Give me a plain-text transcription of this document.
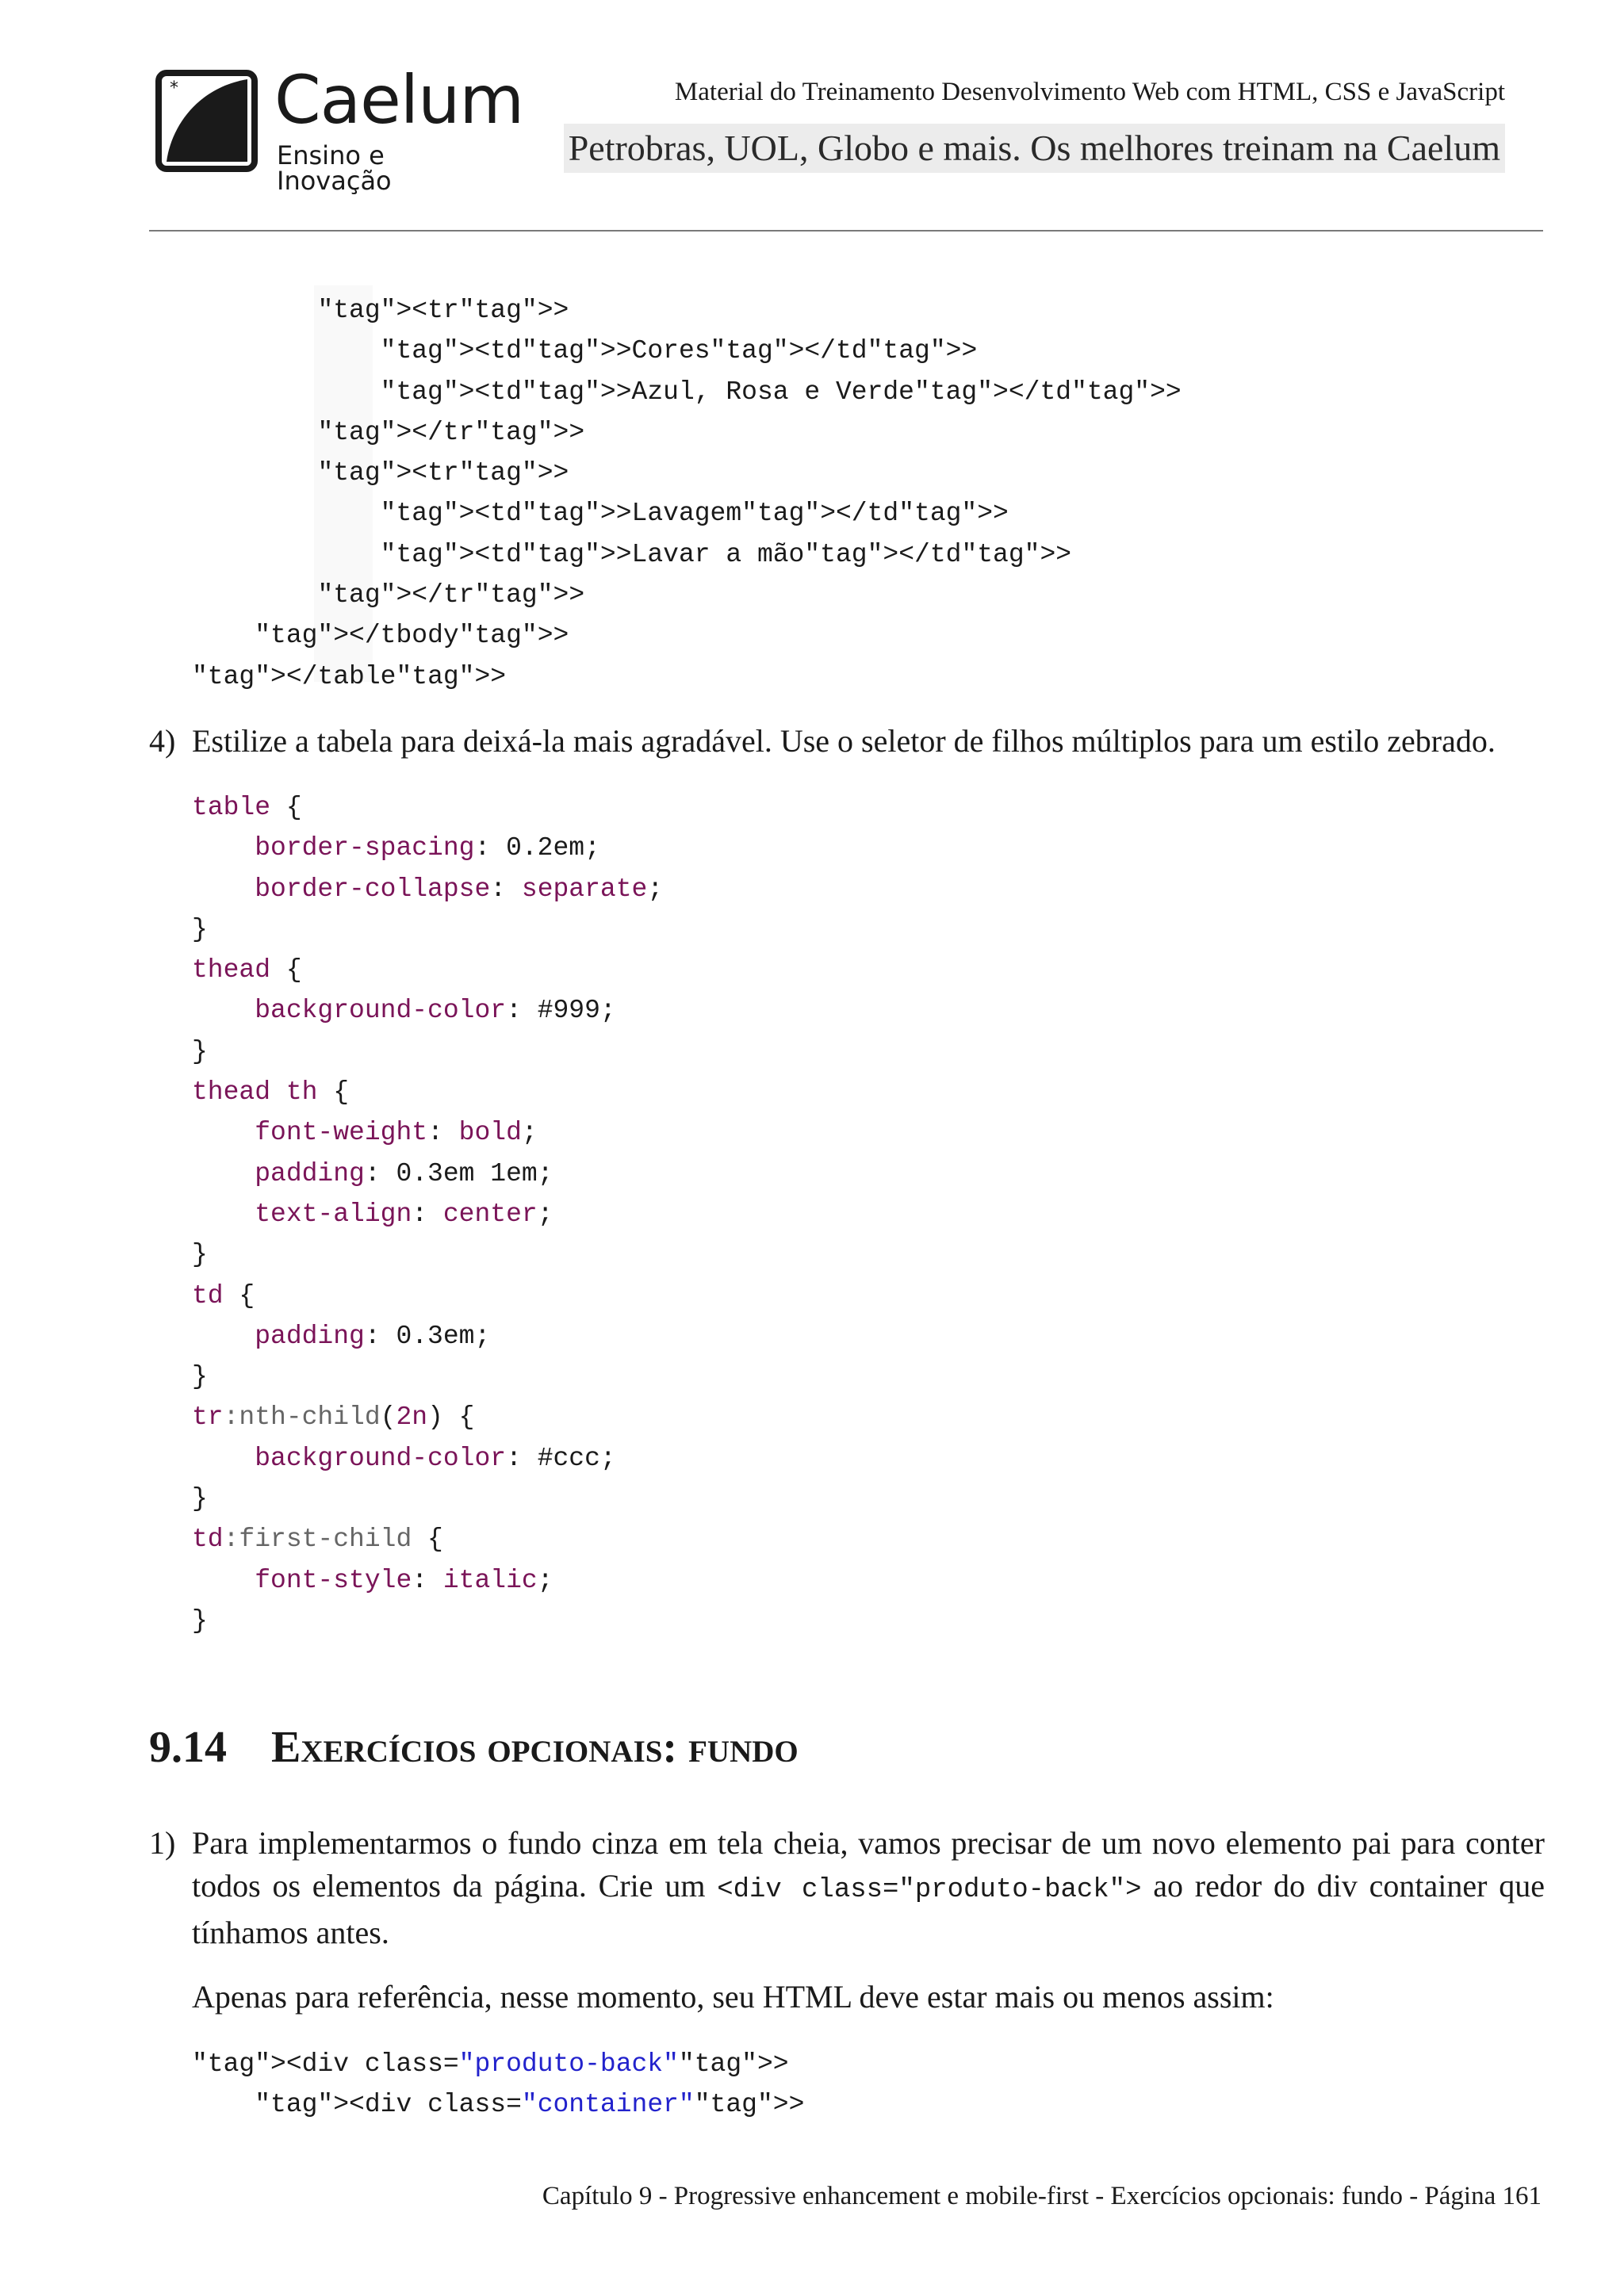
* Caelum
Ensino e Inovação
Material do Treinamento Desenvolvimento Web com HTML, CSS e JavaScript
Petrobras, UOL, Globo e mais. Os melhores treinam na Caelum
"tag"><tr"tag">>
"tag"><td"tag">>Cores"tag"></td"tag">>
"tag"><td"tag">>Azul, Rosa e Verde"tag"></td"tag">>
"tag"></tr"tag">>
"tag"><tr"tag">>
"tag"><td"tag">>Lavagem"tag"></td"tag">>
"tag"><td"tag">>Lavar a mão"tag"></td"tag">>
"tag"></tr"tag">>
"tag"></tbody"tag">>
"tag"></table"tag">>
4) Estilize a tabela para deixá-la mais agradável. Use o seletor de filhos múltiplos para um estilo zebrado.
table {
border-spacing: 0.2em;
border-collapse: separate;
}
thead {
background-color: #999;
}
thead th {
font-weight: bold;
padding: 0.3em 1em;
text-align: center;
}
td {
padding: 0.3em;
}
tr:nth-child(2n) {
background-color: #ccc;
}
td:first-child {
font-style: italic;
}
9.14 Exercícios opcionais: fundo
1) Para implementarmos o fundo cinza em tela cheia, vamos precisar de um novo elemento pai para conter todos os elementos da página. Crie um <div class="produto-back"> ao redor do div container que tínhamos antes.
Apenas para referência, nesse momento, seu HTML deve estar mais ou menos assim:
"tag"><div class="produto-back""tag">>
"tag"><div class="container""tag">>
Capítulo 9 - Progressive enhancement e mobile-first - Exercícios opcionais: fundo - Página 161
